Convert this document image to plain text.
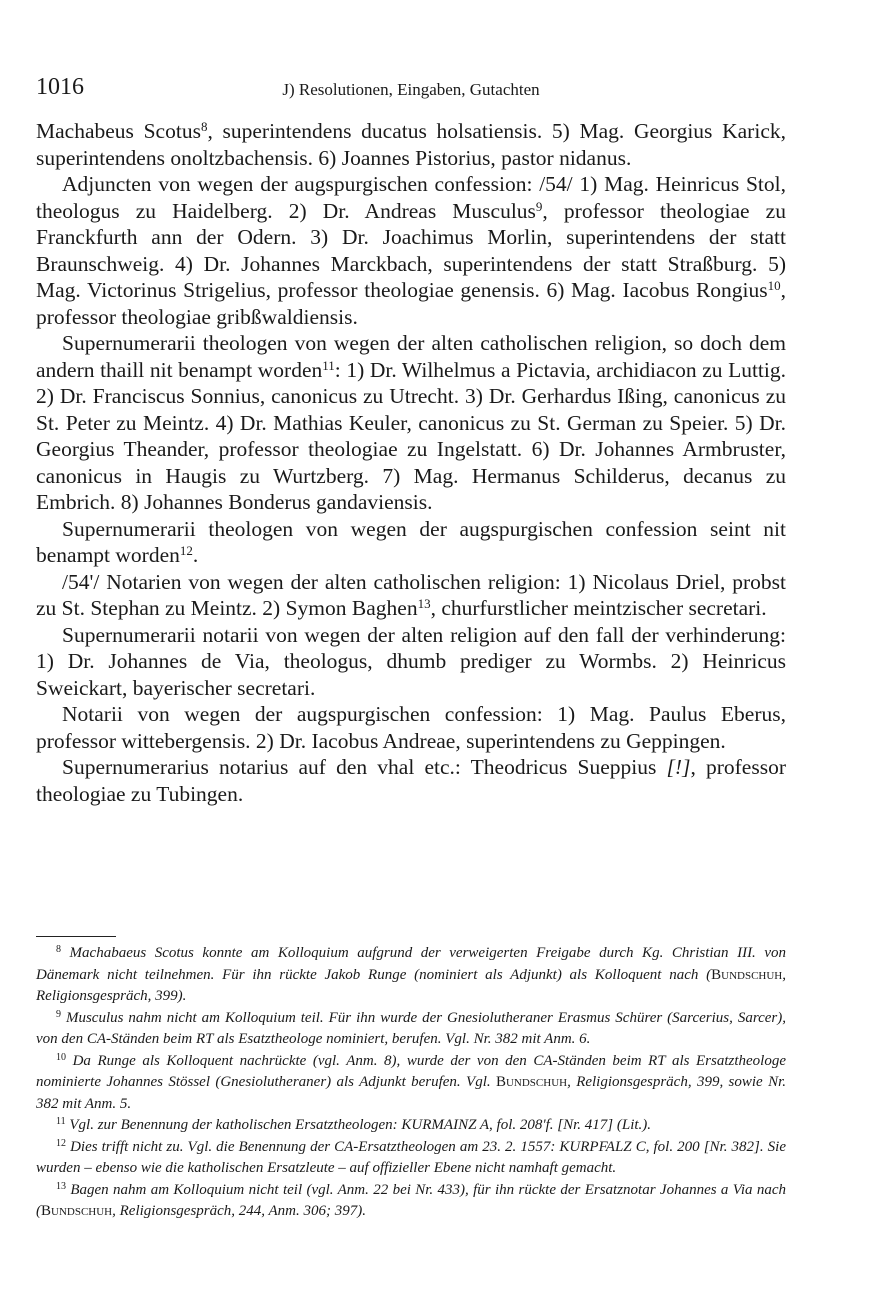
1016	J) Resolutionen, Eingaben, Gutachten

Machabeus Scotus$^8$, superintendens ducatus holsatiensis. 5) Mag. Georgius Karick, superintendens onoltzbachensis. 6) Joannes Pistorius, pastor nidanus.

Adjuncten von wegen der augspurgischen confession: /54/ 1) Mag. Heinricus Stol, theologus zu Haidelberg. 2) Dr. Andreas Musculus$^9$, professor theologiae zu Franckfurth ann der Odern. 3) Dr. Joachimus Morlin, superintendens der statt Braunschweig. 4) Dr. Johannes Marckbach, superintendens der statt Straßburg. 5) Mag. Victorinus Strigelius, professor theologiae genensis. 6) Mag. Iacobus Rongius$^{10}$, professor theologiae gribßwaldiensis.

Supernumerarii theologen von wegen der alten catholischen religion, so doch dem andern thaill nit benampt worden$^{11}$: 1) Dr. Wilhelmus a Pictavia, archidiacon zu Luttig. 2) Dr. Franciscus Sonnius, canonicus zu Utrecht. 3) Dr. Gerhardus Ißing, canonicus zu St. Peter zu Meintz. 4) Dr. Mathias Keuler, canonicus zu St. German zu Speier. 5) Dr. Georgius Theander, professor theologiae zu Ingelstatt. 6) Dr. Johannes Armbruster, canonicus in Haugis zu Wurtzberg. 7) Mag. Hermanus Schilderus, decanus zu Embrich. 8) Johannes Bonderus gandaviensis.

Supernumerarii theologen von wegen der augspurgischen confession seint nit benampt worden$^{12}$.

/54'/ Notarien von wegen der alten catholischen religion: 1) Nicolaus Driel, probst zu St. Stephan zu Meintz. 2) Symon Baghen$^{13}$, churfurstlicher meintzischer secretari.

Supernumerarii notarii von wegen der alten religion auf den fall der verhinderung: 1) Dr. Johannes de Via, theologus, dhumb prediger zu Wormbs. 2) Heinricus Sweickart, bayerischer secretari.

Notarii von wegen der augspurgischen confession: 1) Mag. Paulus Eberus, professor wittebergensis. 2) Dr. Iacobus Andreae, superintendens zu Geppingen.

Supernumerarius notarius auf den vhal etc.: Theodricus Sueppius [!], professor theologiae zu Tubingen.

$^8$ Machabaeus Scotus konnte am Kolloquium aufgrund der verweigerten Freigabe durch Kg. Christian III. von Dänemark nicht teilnehmen. Für ihn rückte Jakob Runge (nominiert als Adjunkt) als Kolloquent nach (Bundschuh, Religionsgespräch, 399).

$^9$ Musculus nahm nicht am Kolloquium teil. Für ihn wurde der Gnesiolutheraner Erasmus Schürer (Sarcerius, Sarcer), von den CA-Ständen beim RT als Esatztheologe nominiert, berufen. Vgl. Nr. 382 mit Anm. 6.

$^{10}$ Da Runge als Kolloquent nachrückte (vgl. Anm. 8), wurde der von den CA-Ständen beim RT als Ersatztheologe nominierte Johannes Stössel (Gnesiolutheraner) als Adjunkt berufen. Vgl. Bundschuh, Religionsgespräch, 399, sowie Nr. 382 mit Anm. 5.

$^{11}$ Vgl. zur Benennung der katholischen Ersatztheologen: KURMAINZ A, fol. 208'f. [Nr. 417] (Lit.).

$^{12}$ Dies trifft nicht zu. Vgl. die Benennung der CA-Ersatztheologen am 23. 2. 1557: KURPFALZ C, fol. 200 [Nr. 382]. Sie wurden – ebenso wie die katholischen Ersatzleute – auf offizieller Ebene nicht namhaft gemacht.

$^{13}$ Bagen nahm am Kolloquium nicht teil (vgl. Anm. 22 bei Nr. 433), für ihn rückte der Ersatznotar Johannes a Via nach (Bundschuh, Religionsgespräch, 244, Anm. 306; 397).
